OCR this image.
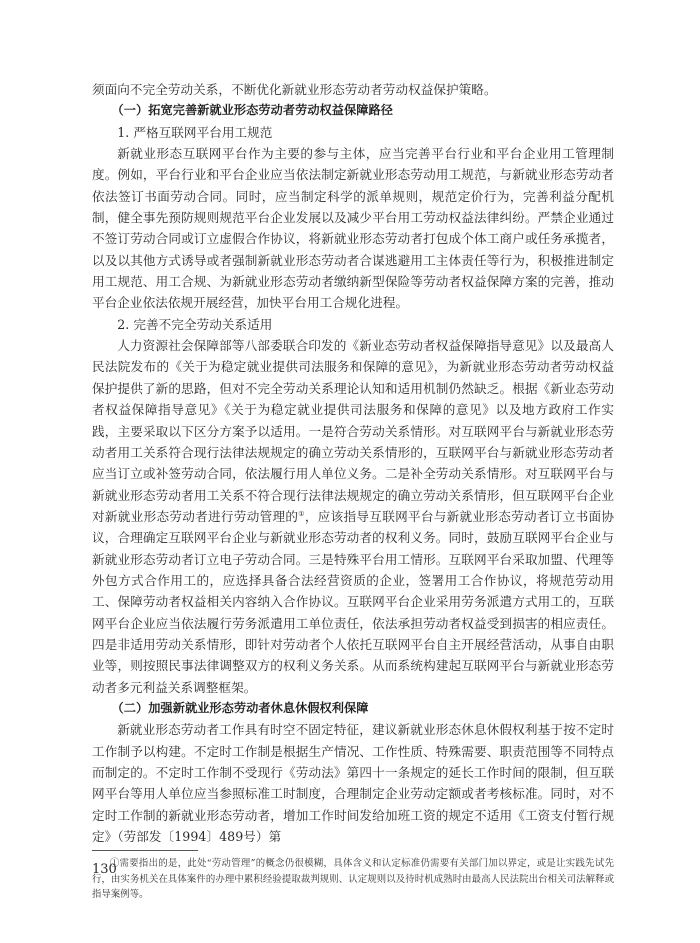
须面向不完全劳动关系，不断优化新就业形态劳动者劳动权益保护策略。

（一）拓宽完善新就业形态劳动者劳动权益保障路径

1. 严格互联网平台用工规范

新就业形态互联网平台作为主要的参与主体，应当完善平台行业和平台企业用工管理制度。例如，平台行业和平台企业应当依法制定新就业形态劳动用工规范，与新就业形态劳动者依法签订书面劳动合同。同时，应当制定科学的派单规则，规范定价行为，完善利益分配机制，健全事先预防规则规范平台企业发展以及减少平台用工劳动权益法律纠纷。严禁企业通过不签订劳动合同或订立虚假合作协议，将新就业形态劳动者打包成个体工商户或任务承揽者，以及以其他方式诱导或者强制新就业形态劳动者合谋逃避用工主体责任等行为，积极推进制定用工规范、用工合规、为新就业形态劳动者缴纳新型保险等劳动者权益保障方案的完善，推动平台企业依法依规开展经营，加快平台用工合规化进程。

2. 完善不完全劳动关系适用

人力资源社会保障部等八部委联合印发的《新业态劳动者权益保障指导意见》以及最高人民法院发布的《关于为稳定就业提供司法服务和保障的意见》，为新就业形态劳动者劳动权益保护提供了新的思路，但对不完全劳动关系理论认知和适用机制仍然缺乏。根据《新业态劳动者权益保障指导意见》《关于为稳定就业提供司法服务和保障的意见》以及地方政府工作实践，主要采取以下区分方案予以适用。一是符合劳动关系情形。对互联网平台与新就业形态劳动者用工关系符合现行法律法规规定的确立劳动关系情形的，互联网平台与新就业形态劳动者应当订立或补签劳动合同，依法履行用人单位义务。二是补全劳动关系情形。对互联网平台与新就业形态劳动者用工关系不符合现行法律法规规定的确立劳动关系情形，但互联网平台企业对新就业形态劳动者进行劳动管理的①，应该指导互联网平台与新就业形态劳动者订立书面协议，合理确定互联网平台企业与新就业形态劳动者的权利义务。同时，鼓励互联网平台企业与新就业形态劳动者订立电子劳动合同。三是特殊平台用工情形。互联网平台采取加盟、代理等外包方式合作用工的，应选择具备合法经营资质的企业，签署用工合作协议，将规范劳动用工、保障劳动者权益相关内容纳入合作协议。互联网平台企业采用劳务派遣方式用工的，互联网平台企业应当依法履行劳务派遣用工单位责任，依法承担劳动者权益受到损害的相应责任。四是非适用劳动关系情形，即针对劳动者个人依托互联网平台自主开展经营活动，从事自由职业等，则按照民事法律调整双方的权利义务关系。从而系统构建起互联网平台与新就业形态劳动者多元利益关系调整框架。

（二）加强新就业形态劳动者休息休假权利保障

新就业形态劳动者工作具有时空不固定特征，建议新就业形态休息休假权利基于按不定时工作制予以构建。不定时工作制是根据生产情况、工作性质、特殊需要、职责范围等不同特点而制定的。不定时工作制不受现行《劳动法》第四十一条规定的延长工作时间的限制，但互联网平台等用人单位应当参照标准工时制度，合理制定企业劳动定额或者考核标准。同时，对不定时工作制的新就业形态劳动者，增加工作时间发给加班工资的规定不适用《工资支付暂行规定》（劳部发〔1994〕489号）第

①需要指出的是，此处“劳动管理”的概念仍很模糊，具体含义和认定标准仍需要有关部门加以界定，或是让实践先试先行，由实务机关在具体案件的办理中累积经验提取裁判规则、认定规则以及待时机成熟时由最高人民法院出台相关司法解释或指导案例等。

130
